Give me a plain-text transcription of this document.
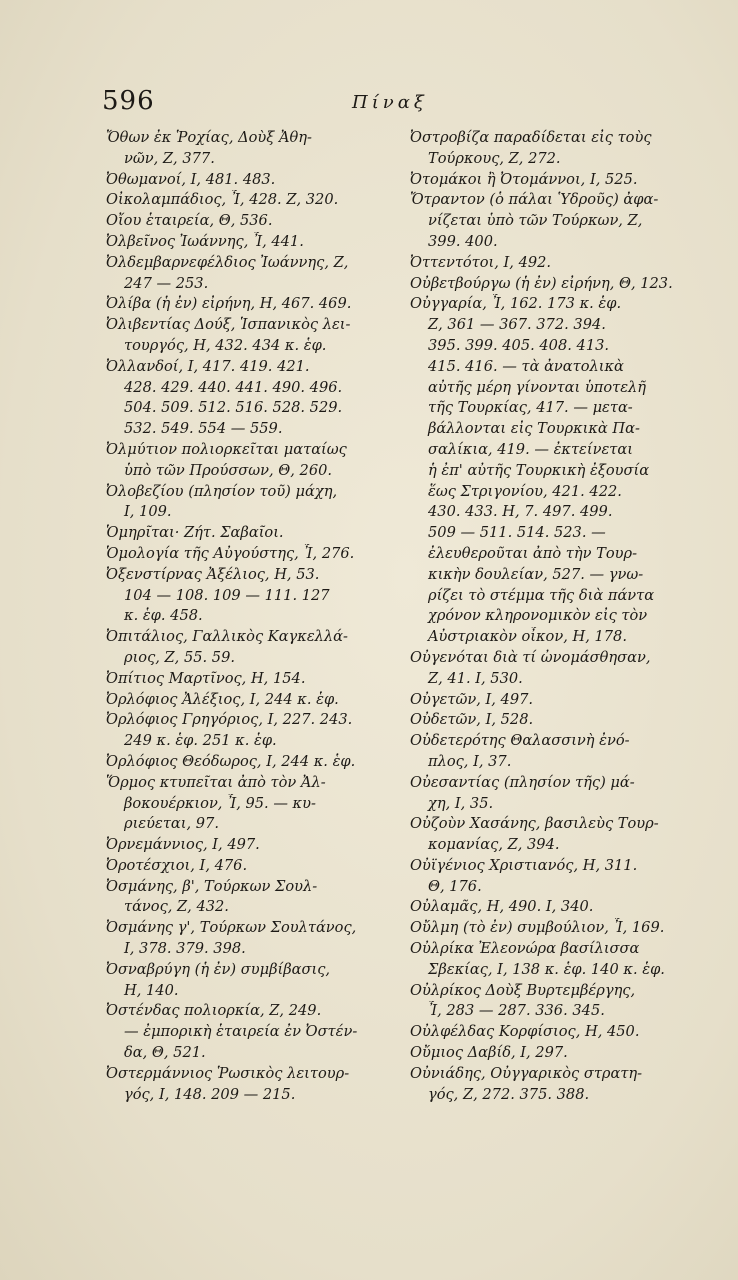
596	Πίναξ
Ὄθων ἐκ Ῥοχίας, Δοὺξ Ἀθη-
νῶν, Ζ, 377.
Ὀθωμανοί, Ι, 481. 483.
Οἰκολαμπάδιος, Ἶ, 428. Ζ, 320.
Οἴου ἑταιρεία, Θ, 536.
Ὀλβεῖνος Ἰωάννης, Ἶ, 441.
Ὀλδεμβαρνεφέλδιος Ἰωάννης, Ζ,
247 — 253.
Ὀλίβα (ἡ ἐν) εἰρήνη, Η, 467. 469.
Ὀλιβεντίας Δούξ, Ἱσπανικὸς λει-
τουργός, Η, 432. 434 κ. ἑφ.
Ὀλλανδοί, Ι, 417. 419. 421.
428. 429. 440. 441. 490. 496.
504. 509. 512. 516. 528. 529.
532. 549. 554 — 559.
Ὀλμύτιον πολιορκεῖται ματαίως
ὑπὸ τῶν Προύσσων, Θ, 260.
Ὀλοβεζίου (πλησίον τοῦ) μάχη,
Ι, 109.
Ὁμηρῖται· Ζήτ. Σαβαῖοι.
Ὁμολογία τῆς Αὐγούστης, Ἶ, 276.
Ὀξενστίρνας Ἀξέλιος, Η, 53.
104 — 108. 109 — 111. 127
κ. ἑφ. 458.
Ὀπιτάλιος, Γαλλικὸς Καγκελλά-
ριος, Ζ, 55. 59.
Ὀπίτιος Μαρτῖνος, Η, 154.
Ὀρλόφιος Ἀλέξιος, Ι, 244 κ. ἑφ.
Ὀρλόφιος Γρηγόριος, Ι, 227. 243.
249 κ. ἑφ. 251 κ. ἑφ.
Ὀρλόφιος Θεόδωρος, Ι, 244 κ. ἑφ.
Ὅρμος κτυπεῖται ἀπὸ τὸν Ἀλ-
βοκουέρκιον, Ἶ, 95. — κυ-
ριεύεται, 97.
Ὀρνεμάννιος, Ι, 497.
Ὀροτέσχιοι, Ι, 476.
Ὀσμάνης, β', Τούρκων Σουλ-
τάνος, Ζ, 432.
Ὀσμάνης γ', Τούρκων Σουλτάνος,
Ι, 378. 379. 398.
Ὀσναβρύγη (ἡ ἐν) συμβίβασις,
Η, 140.
Ὀστένδας πολιορκία, Ζ, 249.
— ἐμπορικὴ ἑταιρεία ἐν Ὀστέν-
δα, Θ, 521.
Ὀστερμάννιος Ῥωσικὸς λειτουρ-
γός, Ι, 148. 209 — 215.
Ὀστροβίζα παραδίδεται εἰς τοὺς
Τούρκους, Ζ, 272.
Ὀτομάκοι ἢ Ὀτομάννοι, Ι, 525.
Ὄτραντον (ὁ πάλαι Ὑδροῦς) ἀφα-
νίζεται ὑπὸ τῶν Τούρκων, Ζ,
399. 400.
Ὀττεντότοι, Ι, 492.
Οὐβετβούργω (ἡ ἐν) εἰρήνη, Θ, 123.
Οὐγγαρία, Ἶ, 162. 173 κ. ἑφ.
Ζ, 361 — 367. 372. 394.
395. 399. 405. 408. 413.
415. 416. — τὰ ἀνατολικὰ
αὐτῆς μέρη γίνονται ὑποτελῆ
τῆς Τουρκίας, 417. — μετα-
βάλλονται εἰς Τουρκικὰ Πα-
σαλίκια, 419. — ἐκτείνεται
ἡ ἐπ' αὐτῆς Τουρκικὴ ἐξουσία
ἕως Στριγονίου, 421. 422.
430. 433. Η, 7. 497. 499.
509 — 511. 514. 523. —
ἐλευθεροῦται ἀπὸ τὴν Τουρ-
κικὴν δουλείαν, 527. — γνω-
ρίζει τὸ στέμμα τῆς διὰ πάντα
χρόνον κληρονομικὸν εἰς τὸν
Αὐστριακὸν οἶκον, Η, 178.
Οὐγενόται διὰ τί ὠνομάσθησαν,
Ζ, 41. Ι, 530.
Οὐγετῶν, Ι, 497.
Οὐδετῶν, Ι, 528.
Οὐδετερότης Θαλασσινὴ ἐνό-
πλος, Ι, 37.
Οὐεσαντίας (πλησίον τῆς) μά-
χη, Ι, 35.
Οὐζοὺν Χασάνης, βασιλεὺς Τουρ-
κομανίας, Ζ, 394.
Οὐϊγένιος Χριστιανός, Η, 311.
Θ, 176.
Οὐλαμᾶς, Η, 490. Ι, 340.
Οὔλμη (τὸ ἐν) συμβούλιον, Ἶ, 169.
Οὐλρίκα Ἐλεονώρα βασίλισσα
Σβεκίας, Ι, 138 κ. ἑφ. 140 κ. ἑφ.
Οὐλρίκος Δοὺξ Βυρτεμβέργης,
Ἶ, 283 — 287. 336. 345.
Οὐλφέλδας Κορφίσιος, Η, 450.
Οὔμιος Δαβίδ, Ι, 297.
Οὐνιάδης, Οὐγγαρικὸς στρατη-
γός, Ζ, 272. 375. 388.
